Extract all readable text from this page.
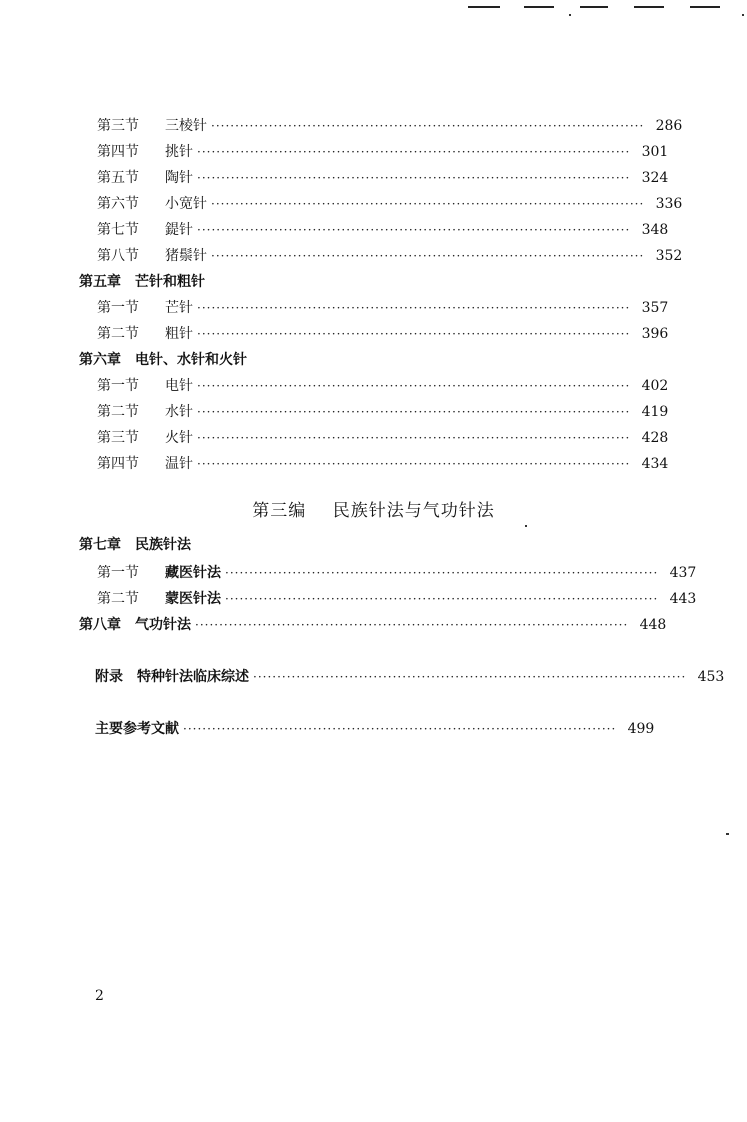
第三节	三棱针 ·························································································· 286
第四节	挑针 ·························································································· 301
第五节	陶针 ·························································································· 324
第六节	小宽针 ·························································································· 336
第七节	鍉针 ·························································································· 348
第八节	猪鬃针 ·························································································· 352
第五章 芒针和粗针
第一节	芒针 ·························································································· 357
第二节	粗针 ·························································································· 396
第六章 电针、水针和火针
第一节	电针 ·························································································· 402
第二节	水针 ·························································································· 419
第三节	火针 ·························································································· 428
第四节	温针 ·························································································· 434
第三编 民族针法与气功针法
第七章 民族针法
第一节	藏医针法 ·························································································· 437
第二节	蒙医针法 ·························································································· 443
第八章 气功针法 ·························································································· 448
附录 特种针法临床综述 ·························································································· 453
主要参考文献 ·························································································· 499
2
